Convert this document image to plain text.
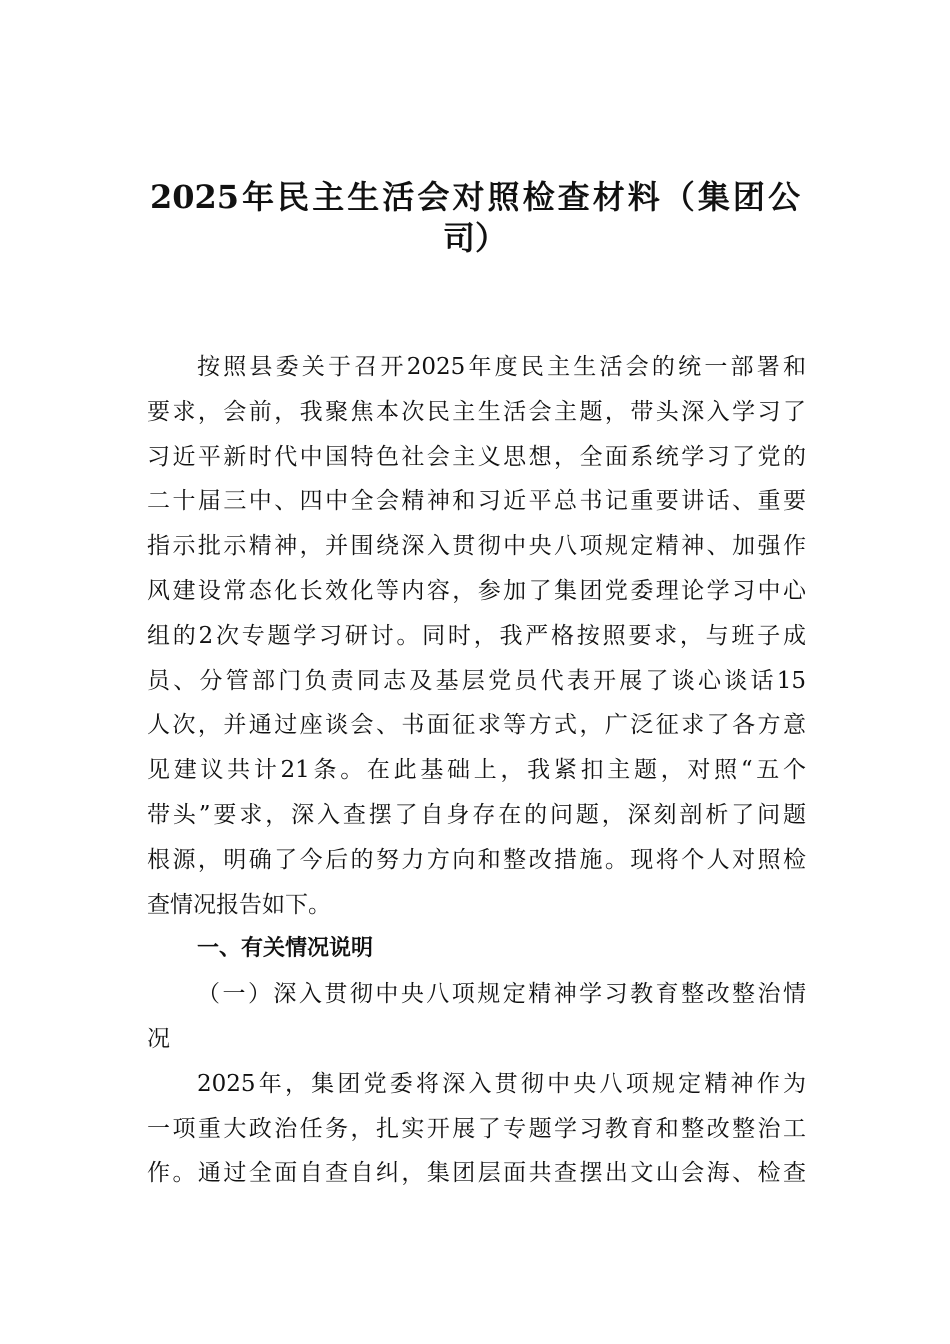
2025年民主生活会对照检查材料（集团公
司）
按照县委关于召开2025年度民主生活会的统一部署和
要求，会前，我聚焦本次民主生活会主题，带头深入学习了
习近平新时代中国特色社会主义思想，全面系统学习了党的
二十届三中、四中全会精神和习近平总书记重要讲话、重要
指示批示精神，并围绕深入贯彻中央八项规定精神、加强作
风建设常态化长效化等内容，参加了集团党委理论学习中心
组的2次专题学习研讨。同时，我严格按照要求，与班子成
员、分管部门负责同志及基层党员代表开展了谈心谈话15
人次，并通过座谈会、书面征求等方式，广泛征求了各方意
见建议共计21条。在此基础上，我紧扣主题，对照“五个
带头”要求，深入查摆了自身存在的问题，深刻剖析了问题
根源，明确了今后的努力方向和整改措施。现将个人对照检
查情况报告如下。
一、有关情况说明
（一）深入贯彻中央八项规定精神学习教育整改整治情
况
2025年，集团党委将深入贯彻中央八项规定精神作为
一项重大政治任务，扎实开展了专题学习教育和整改整治工
作。通过全面自查自纠，集团层面共查摆出文山会海、检查
